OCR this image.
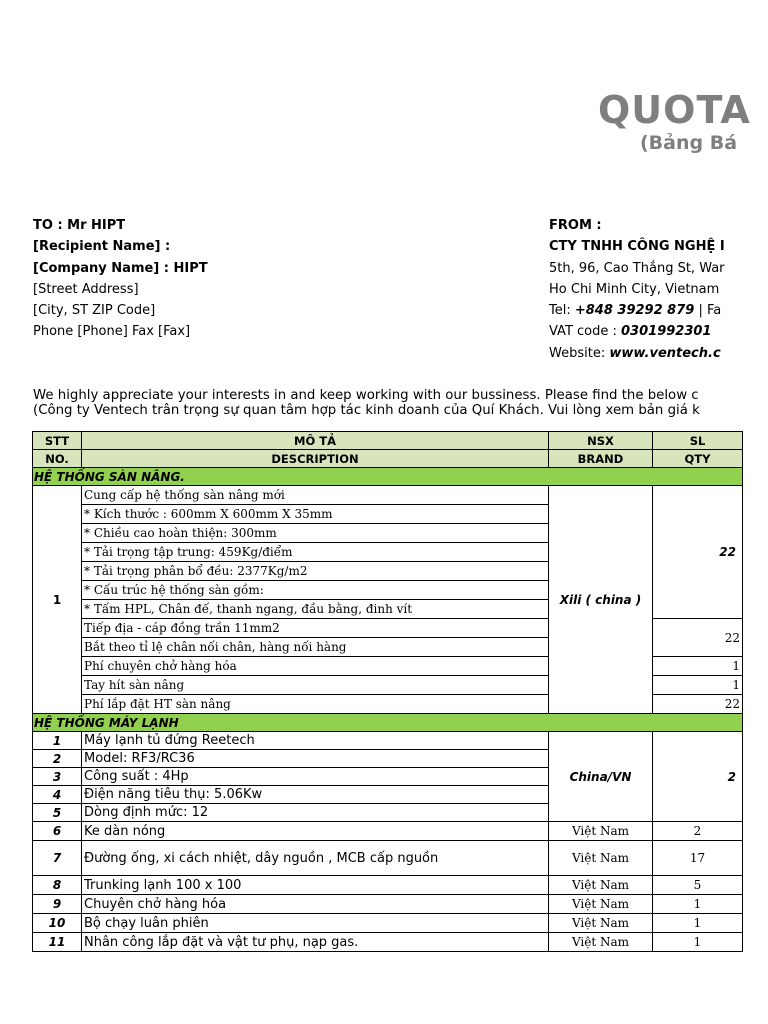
QUOTA
(Bảng Bá
TO : Mr HIPT
[Recipient Name] :
[Company Name] : HIPT
[Street Address]
[City, ST ZIP Code]
Phone [Phone] Fax [Fax]
FROM :
CTY TNHH CÔNG NGHỆ I
5th, 96, Cao Thắng St, War
Ho Chi Minh City, Vietnam
Tel: +848 39292 879 | Fa
VAT code : 0301992301
Website: www.ventech.c
We highly appreciate your interests in and keep working with our bussiness. Please find the below c
(Công ty Ventech trân trọng sự quan tâm hợp tác kinh doanh của Quí Khách. Vui lòng xem bản giá k
STT	MÔ TẢ	NSX	SL
NO.	DESCRIPTION	BRAND	QTY
HỆ THỐNG SÀN NÂNG.			
1	Cung cấp hệ thống sàn nâng mới	Xili ( china )	22
	* Kích thước : 600mm X 600mm X 35mm		
	* Chiều cao hoàn thiện: 300mm		
	* Tải trọng tập trung: 459Kg/điểm		
	* Tải trọng phân bổ đều: 2377Kg/m2		
	* Cấu trúc hệ thống sàn gồm:		
	* Tấm HPL, Chân đế, thanh ngang, đầu bằng, đinh vít		
	Tiếp địa - cáp đồng trần 11mm2		22
	Bắt theo tỉ lệ chân nối chân, hàng nối hàng		
	Phí chuyên chở hàng hóa		1
	Tay hít sàn nâng		1
	Phí lắp đặt HT sàn nâng		22
HỆ THỐNG MÁY LẠNH			
1	Máy lạnh tủ đứng Reetech	China/VN	2
2	Model: RF3/RC36		
3	Công suất : 4Hp		
4	Điện năng tiêu thụ: 5.06Kw		
5	Dòng định mức: 12		
6	Ke dàn nóng	Việt Nam	2
7	Đường ống, xi cách nhiệt, dây nguồn , MCB cấp nguồn	Việt Nam	17
8	Trunking lạnh 100 x 100	Việt Nam	5
9	Chuyên chở hàng hóa	Việt Nam	1
10	Bộ chạy luân phiên	Việt Nam	1
11	Nhân công lắp đặt và vật tư phụ, nạp gas.	Việt Nam	1
